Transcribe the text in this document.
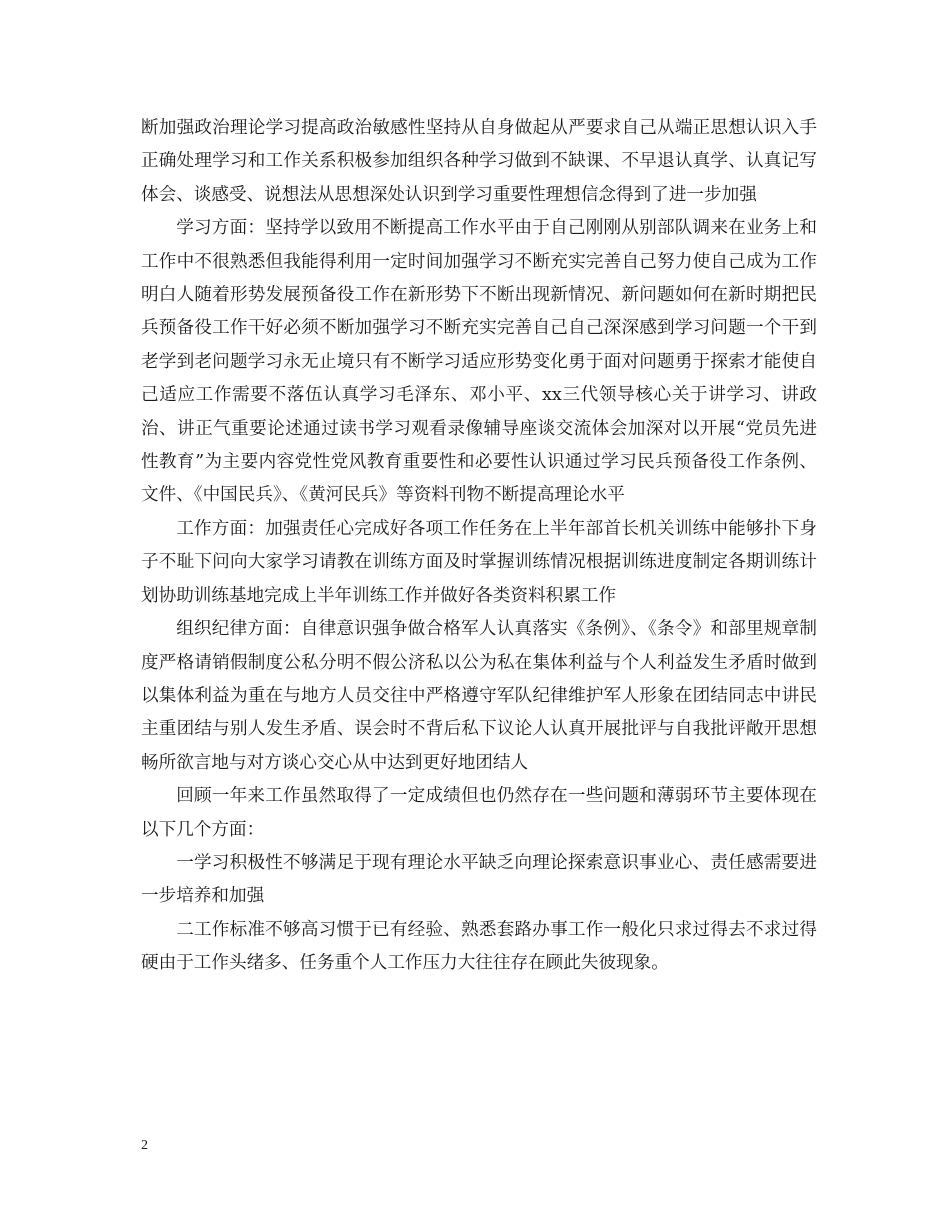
断加强政治理论学习提高政治敏感性坚持从自身做起从严要求自己从端正思想认识入手正确处理学习和工作关系积极参加组织各种学习做到不缺课、不早退认真学、认真记写体会、谈感受、说想法从思想深处认识到学习重要性理想信念得到了进一步加强

学习方面：坚持学以致用不断提高工作水平由于自己刚刚从别部队调来在业务上和工作中不很熟悉但我能得利用一定时间加强学习不断充实完善自己努力使自己成为工作明白人随着形势发展预备役工作在新形势下不断出现新情况、新问题如何在新时期把民兵预备役工作干好必须不断加强学习不断充实完善自己自己深深感到学习问题一个干到老学到老问题学习永无止境只有不断学习适应形势变化勇于面对问题勇于探索才能使自己适应工作需要不落伍认真学习毛泽东、邓小平、xx三代领导核心关于讲学习、讲政治、讲正气重要论述通过读书学习观看录像辅导座谈交流体会加深对以开展“党员先进性教育”为主要内容党性党风教育重要性和必要性认识通过学习民兵预备役工作条例、文件、《中国民兵》、《黄河民兵》等资料刊物不断提高理论水平

工作方面：加强责任心完成好各项工作任务在上半年部首长机关训练中能够扑下身子不耻下问向大家学习请教在训练方面及时掌握训练情况根据训练进度制定各期训练计划协助训练基地完成上半年训练工作并做好各类资料积累工作

组织纪律方面：自律意识强争做合格军人认真落实《条例》、《条令》和部里规章制度严格请销假制度公私分明不假公济私以公为私在集体利益与个人利益发生矛盾时做到以集体利益为重在与地方人员交往中严格遵守军队纪律维护军人形象在团结同志中讲民主重团结与别人发生矛盾、误会时不背后私下议论人认真开展批评与自我批评敞开思想畅所欲言地与对方谈心交心从中达到更好地团结人

回顾一年来工作虽然取得了一定成绩但也仍然存在一些问题和薄弱环节主要体现在以下几个方面：

一学习积极性不够满足于现有理论水平缺乏向理论探索意识事业心、责任感需要进一步培养和加强

二工作标准不够高习惯于已有经验、熟悉套路办事工作一般化只求过得去不求过得硬由于工作头绪多、任务重个人工作压力大往往存在顾此失彼现象。

2
